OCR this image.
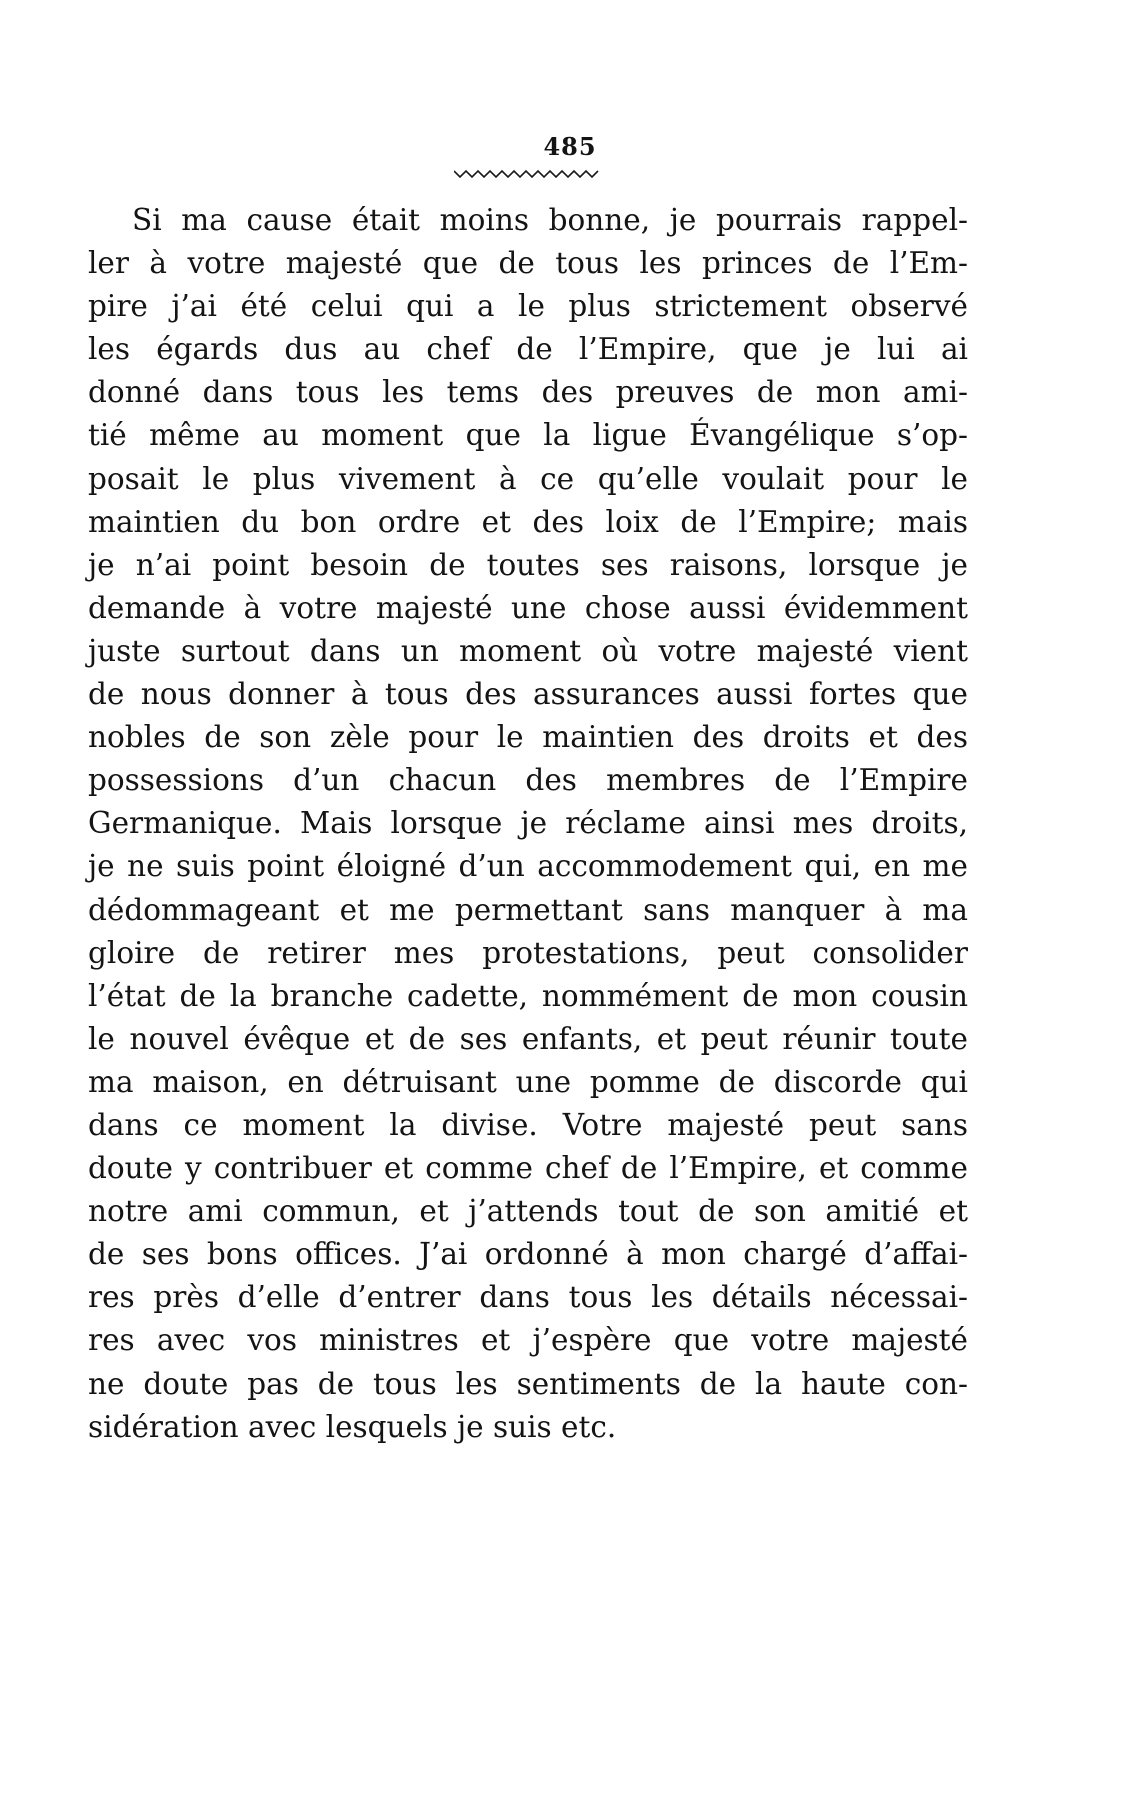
485
Si ma cause était moins bonne, je pourrais rappel-
ler à votre majesté que de tous les princes de l’Em-
pire j’ai été celui qui a le plus strictement observé
les égards dus au chef de l’Empire, que je lui ai
donné dans tous les tems des preuves de mon ami-
tié même au moment que la ligue Évangélique s’op-
posait le plus vivement à ce qu’elle voulait pour le
maintien du bon ordre et des loix de l’Empire; mais
je n’ai point besoin de toutes ses raisons, lorsque je
demande à votre majesté une chose aussi évidemment
juste surtout dans un moment où votre majesté vient
de nous donner à tous des assurances aussi fortes que
nobles de son zèle pour le maintien des droits et des
possessions d’un chacun des membres de l’Empire
Germanique. Mais lorsque je réclame ainsi mes droits,
je ne suis point éloigné d’un accommodement qui, en me
dédommageant et me permettant sans manquer à ma
gloire de retirer mes protestations, peut consolider
l’état de la branche cadette, nommément de mon cousin
le nouvel évêque et de ses enfants, et peut réunir toute
ma maison, en détruisant une pomme de discorde qui
dans ce moment la divise. Votre majesté peut sans
doute y contribuer et comme chef de l’Empire, et comme
notre ami commun, et j’attends tout de son amitié et
de ses bons offices. J’ai ordonné à mon chargé d’affai-
res près d’elle d’entrer dans tous les détails nécessai-
res avec vos ministres et j’espère que votre majesté
ne doute pas de tous les sentiments de la haute con-
sidération avec lesquels je suis etc.
